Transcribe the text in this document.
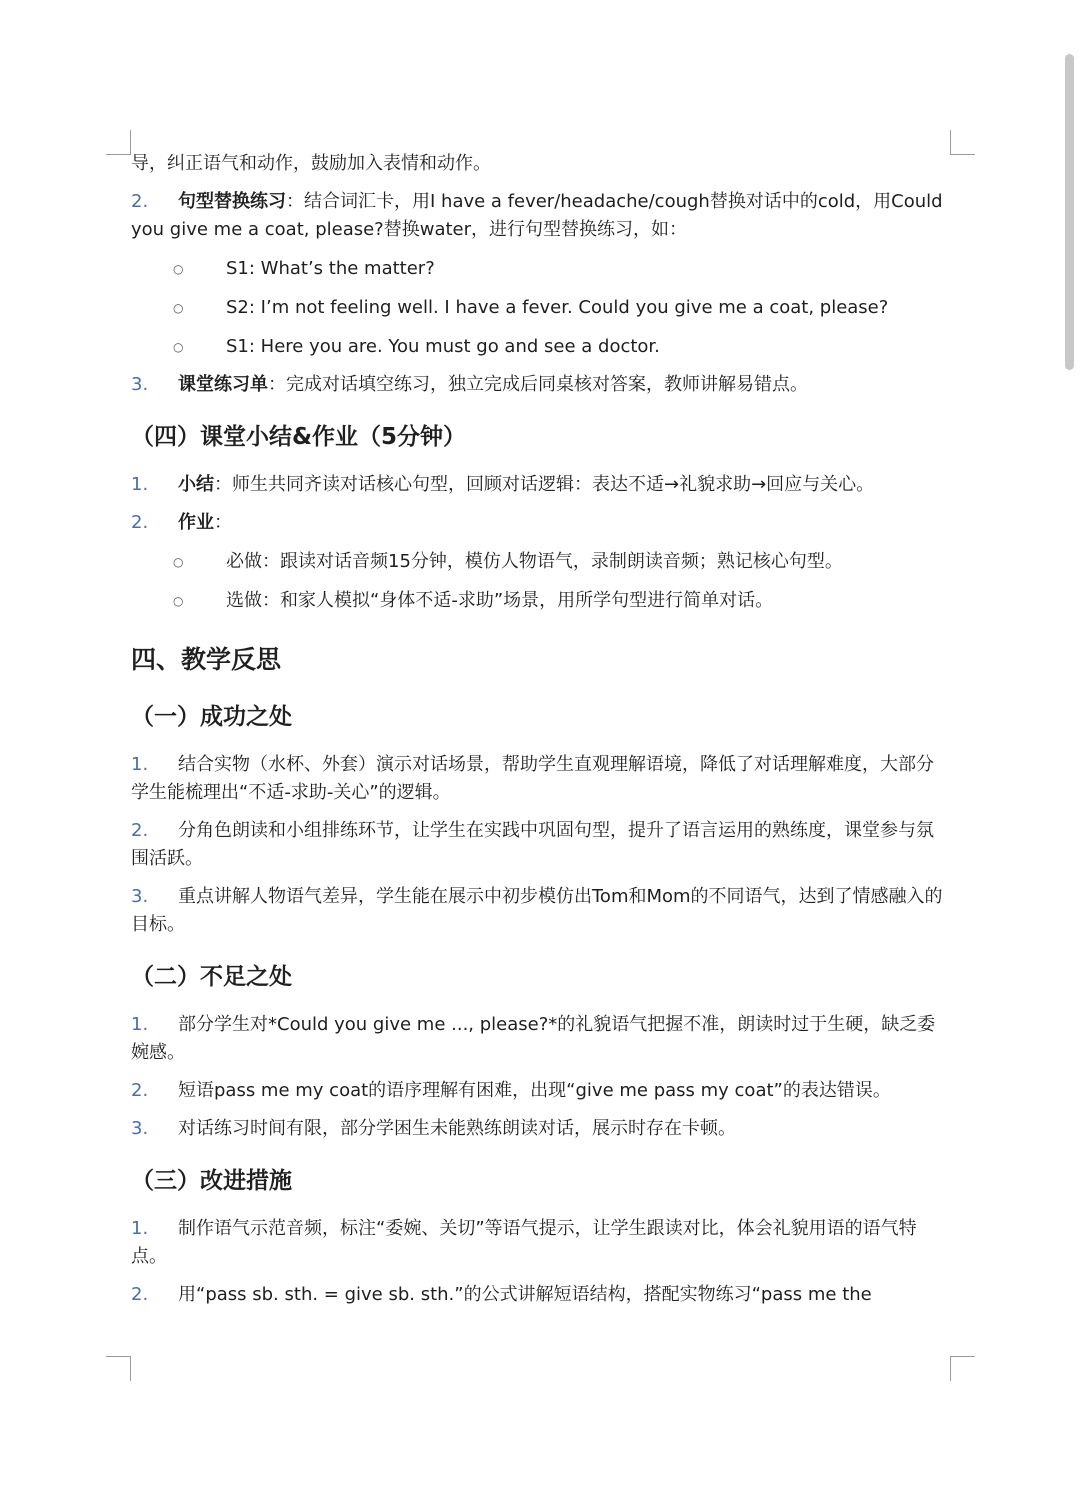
导，纠正语气和动作，鼓励加入表情和动作。

2.	句型替换练习：结合词汇卡，用I have a fever/headache/cough替换对话中的cold，用Could you give me a coat, please?替换water，进行句型替换练习，如：
○ S1: What’s the matter?
○ S2: I’m not feeling well. I have a fever. Could you give me a coat, please?
○ S1: Here you are. You must go and see a doctor.
3. 课堂练习单：完成对话填空练习，独立完成后同桌核对答案，教师讲解易错点。
（四）课堂小结&作业（5分钟）
1.	小结：师生共同齐读对话核心句型，回顾对话逻辑：表达不适→礼貌求助→回应与关心。
2. 作业：
○ 必做：跟读对话音频15分钟，模仿人物语气，录制朗读音频；熟记核心句型。
○ 选做：和家人模拟“身体不适-求助”场景，用所学句型进行简单对话。
四、教学反思
（一）成功之处
1.	结合实物（水杯、外套）演示对话场景，帮助学生直观理解语境，降低了对话理解难度，大部分学生能梳理出“不适-求助-关心”的逻辑。
2.	分角色朗读和小组排练环节，让学生在实践中巩固句型，提升了语言运用的熟练度，课堂参与氛围活跃。
3.	重点讲解人物语气差异，学生能在展示中初步模仿出Tom和Mom的不同语气，达到了情感融入的目标。
（二）不足之处
1.	部分学生对*Could you give me ..., please?*的礼貌语气把握不准，朗读时过于生硬，缺乏委婉感。
2. 短语pass me my coat的语序理解有困难，出现“give me pass my coat”的表达错误。
3. 对话练习时间有限，部分学困生未能熟练朗读对话，展示时存在卡顿。
（三）改进措施
1.	制作语气示范音频，标注“委婉、关切”等语气提示，让学生跟读对比，体会礼貌用语的语气特点。
2. 用“pass sb. sth. = give sb. sth.”的公式讲解短语结构，搭配实物练习“pass me the
